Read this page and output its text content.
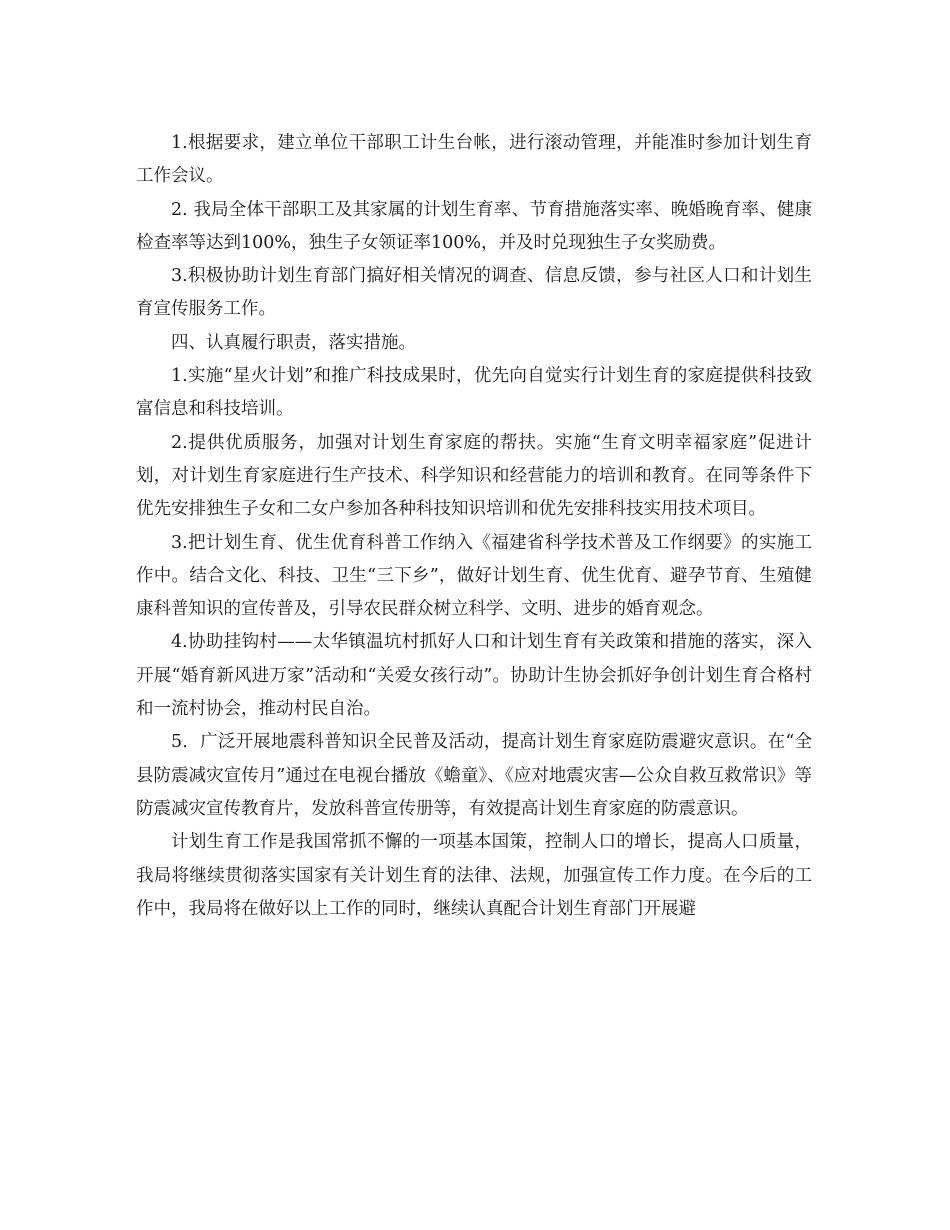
1.根据要求，建立单位干部职工计生台帐，进行滚动管理，并能准时参加计划生育工作会议。

2. 我局全体干部职工及其家属的计划生育率、节育措施落实率、晚婚晚育率、健康检查率等达到100%，独生子女领证率100%，并及时兑现独生子女奖励费。

3.积极协助计划生育部门搞好相关情况的调查、信息反馈，参与社区人口和计划生育宣传服务工作。

四、认真履行职责，落实措施。

1.实施“星火计划”和推广科技成果时，优先向自觉实行计划生育的家庭提供科技致富信息和科技培训。

2.提供优质服务，加强对计划生育家庭的帮扶。实施“生育文明幸福家庭”促进计划，对计划生育家庭进行生产技术、科学知识和经营能力的培训和教育。在同等条件下优先安排独生子女和二女户参加各种科技知识培训和优先安排科技实用技术项目。

3.把计划生育、优生优育科普工作纳入《福建省科学技术普及工作纲要》的实施工作中。结合文化、科技、卫生“三下乡”，做好计划生育、优生优育、避孕节育、生殖健康科普知识的宣传普及，引导农民群众树立科学、文明、进步的婚育观念。

4.协助挂钩村——太华镇温坑村抓好人口和计划生育有关政策和措施的落实，深入开展“婚育新风进万家”活动和“关爱女孩行动”。协助计生协会抓好争创计划生育合格村和一流村协会，推动村民自治。

5．广泛开展地震科普知识全民普及活动，提高计划生育家庭防震避灾意识。在“全县防震减灾宣传月”通过在电视台播放《蟾童》、《应对地震灾害—公众自救互救常识》等防震减灾宣传教育片，发放科普宣传册等，有效提高计划生育家庭的防震意识。

计划生育工作是我国常抓不懈的一项基本国策，控制人口的增长，提高人口质量，我局将继续贯彻落实国家有关计划生育的法律、法规，加强宣传工作力度。在今后的工作中，我局将在做好以上工作的同时，继续认真配合计划生育部门开展避
